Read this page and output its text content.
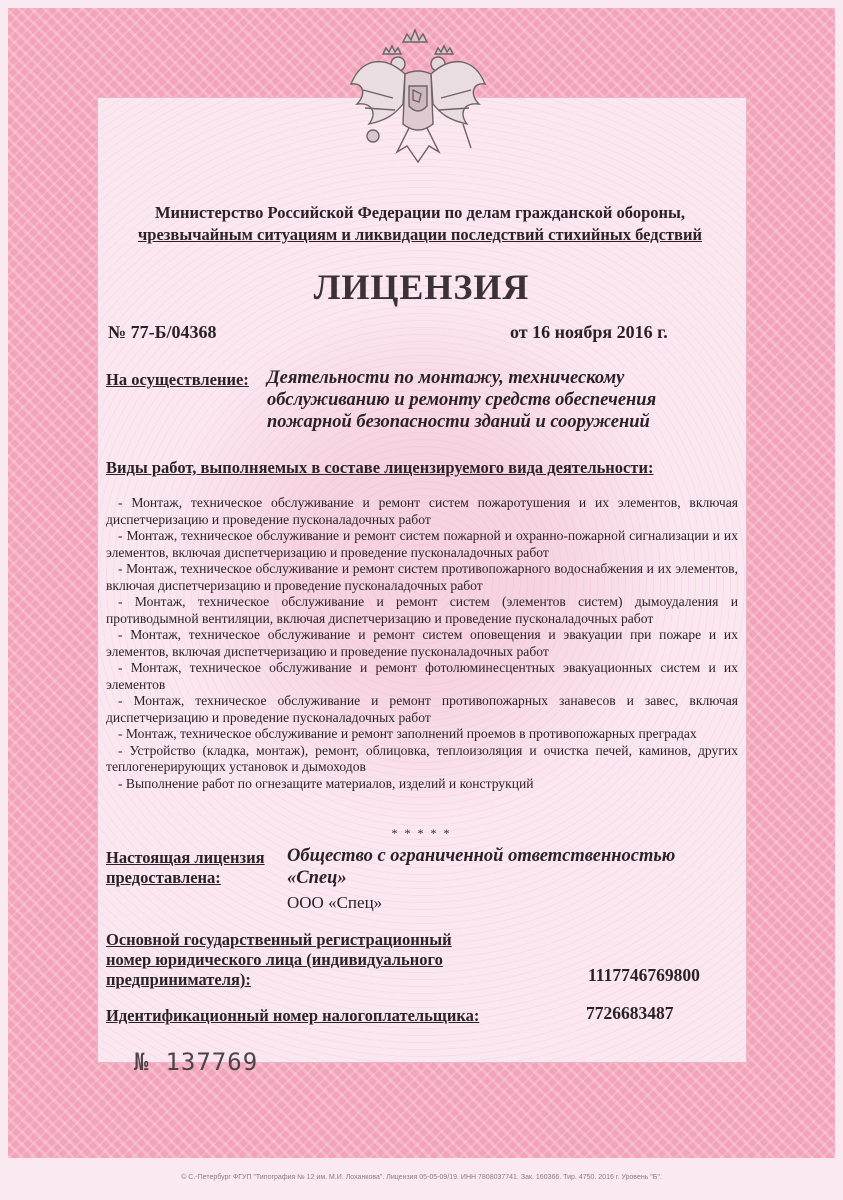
Министерство Российской Федерации по делам гражданской обороны,
чрезвычайным ситуациям и ликвидации последствий стихийных бедствий
ЛИЦЕНЗИЯ
№ 77-Б/04368	от 16 ноября 2016 г.
На осуществление: Деятельности по монтажу, техническому
обслуживанию и ремонту средств обеспечения
пожарной безопасности зданий и сооружений
Виды работ, выполняемых в составе лицензируемого вида деятельности:
- Монтаж, техническое обслуживание и ремонт систем пожаротушения и их элементов, включая диспетчеризацию и проведение пусконаладочных работ
- Монтаж, техническое обслуживание и ремонт систем пожарной и охранно-пожарной сигнализации и их элементов, включая диспетчеризацию и проведение пусконаладочных работ
- Монтаж, техническое обслуживание и ремонт систем противопожарного водоснабжения и их элементов, включая диспетчеризацию и проведение пусконаладочных работ
- Монтаж, техническое обслуживание и ремонт систем (элементов систем) дымоудаления и противодымной вентиляции, включая диспетчеризацию и проведение пусконаладочных работ
- Монтаж, техническое обслуживание и ремонт систем оповещения и эвакуации при пожаре и их элементов, включая диспетчеризацию и проведение пусконаладочных работ
- Монтаж, техническое обслуживание и ремонт фотолюминесцентных эвакуационных систем и их элементов
- Монтаж, техническое обслуживание и ремонт противопожарных занавесов и завес, включая диспетчеризацию и проведение пусконаладочных работ
- Монтаж, техническое обслуживание и ремонт заполнений проемов в противопожарных преградах
- Устройство (кладка, монтаж), ремонт, облицовка, теплоизоляция и очистка печей, каминов, других теплогенерирующих установок и дымоходов
- Выполнение работ по огнезащите материалов, изделий и конструкций
* * * * *
Настоящая лицензия предоставлена:
Общество с ограниченной ответственностью «Спец»
ООО «Спец»
Основной государственный регистрационный номер юридического лица (индивидуального предпринимателя):	1117746769800
Идентификационный номер налогоплательщика:	7726683487
№ 137769
© С.-Петербург ФГУП "Типография № 12 им. М.И. Лоханкова". Лицензия 05-05-09/19. ИНН 7808037741. Зак. 160366. Тир. 4750. 2016 г. Уровень "Б".
